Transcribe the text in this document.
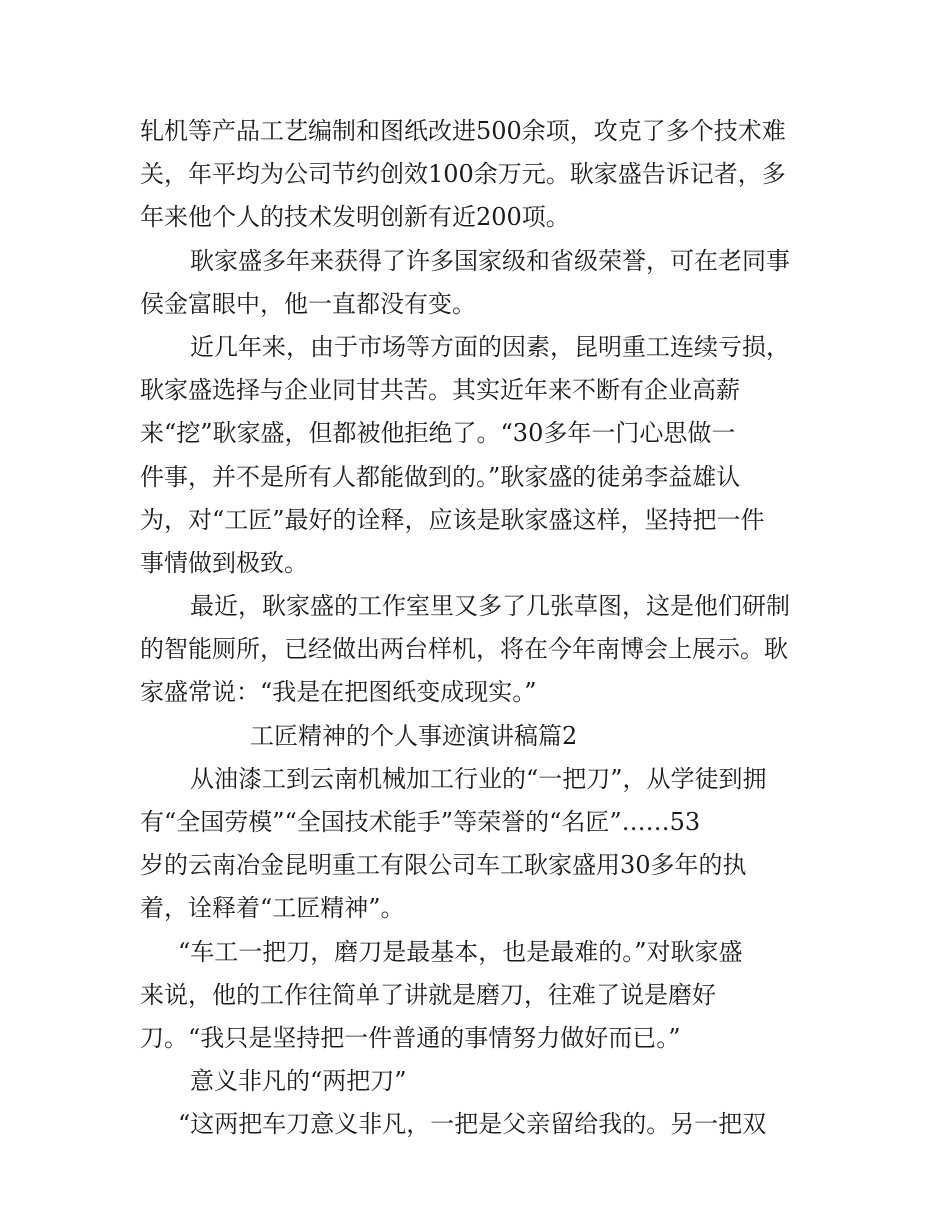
轧机等产品工艺编制和图纸改进500余项，攻克了多个技术难
关，年平均为公司节约创效100余万元。耿家盛告诉记者，多
年来他个人的技术发明创新有近200项。
耿家盛多年来获得了许多国家级和省级荣誉，可在老同事
侯金富眼中，他一直都没有变。
近几年来，由于市场等方面的因素，昆明重工连续亏损，
耿家盛选择与企业同甘共苦。其实近年来不断有企业高薪
来“挖”耿家盛，但都被他拒绝了。“30多年一门心思做一
件事，并不是所有人都能做到的。”耿家盛的徒弟李益雄认
为，对“工匠”最好的诠释，应该是耿家盛这样，坚持把一件
事情做到极致。
最近，耿家盛的工作室里又多了几张草图，这是他们研制
的智能厕所，已经做出两台样机，将在今年南博会上展示。耿
家盛常说：“我是在把图纸变成现实。”
工匠精神的个人事迹演讲稿篇2
从油漆工到云南机械加工行业的“一把刀”，从学徒到拥
有“全国劳模”“全国技术能手”等荣誉的“名匠”……53
岁的云南冶金昆明重工有限公司车工耿家盛用30多年的执
着，诠释着“工匠精神”。
“车工一把刀，磨刀是最基本，也是最难的。”对耿家盛
来说，他的工作往简单了讲就是磨刀，往难了说是磨好
刀。“我只是坚持把一件普通的事情努力做好而已。”
意义非凡的“两把刀”
“这两把车刀意义非凡，一把是父亲留给我的。另一把双
